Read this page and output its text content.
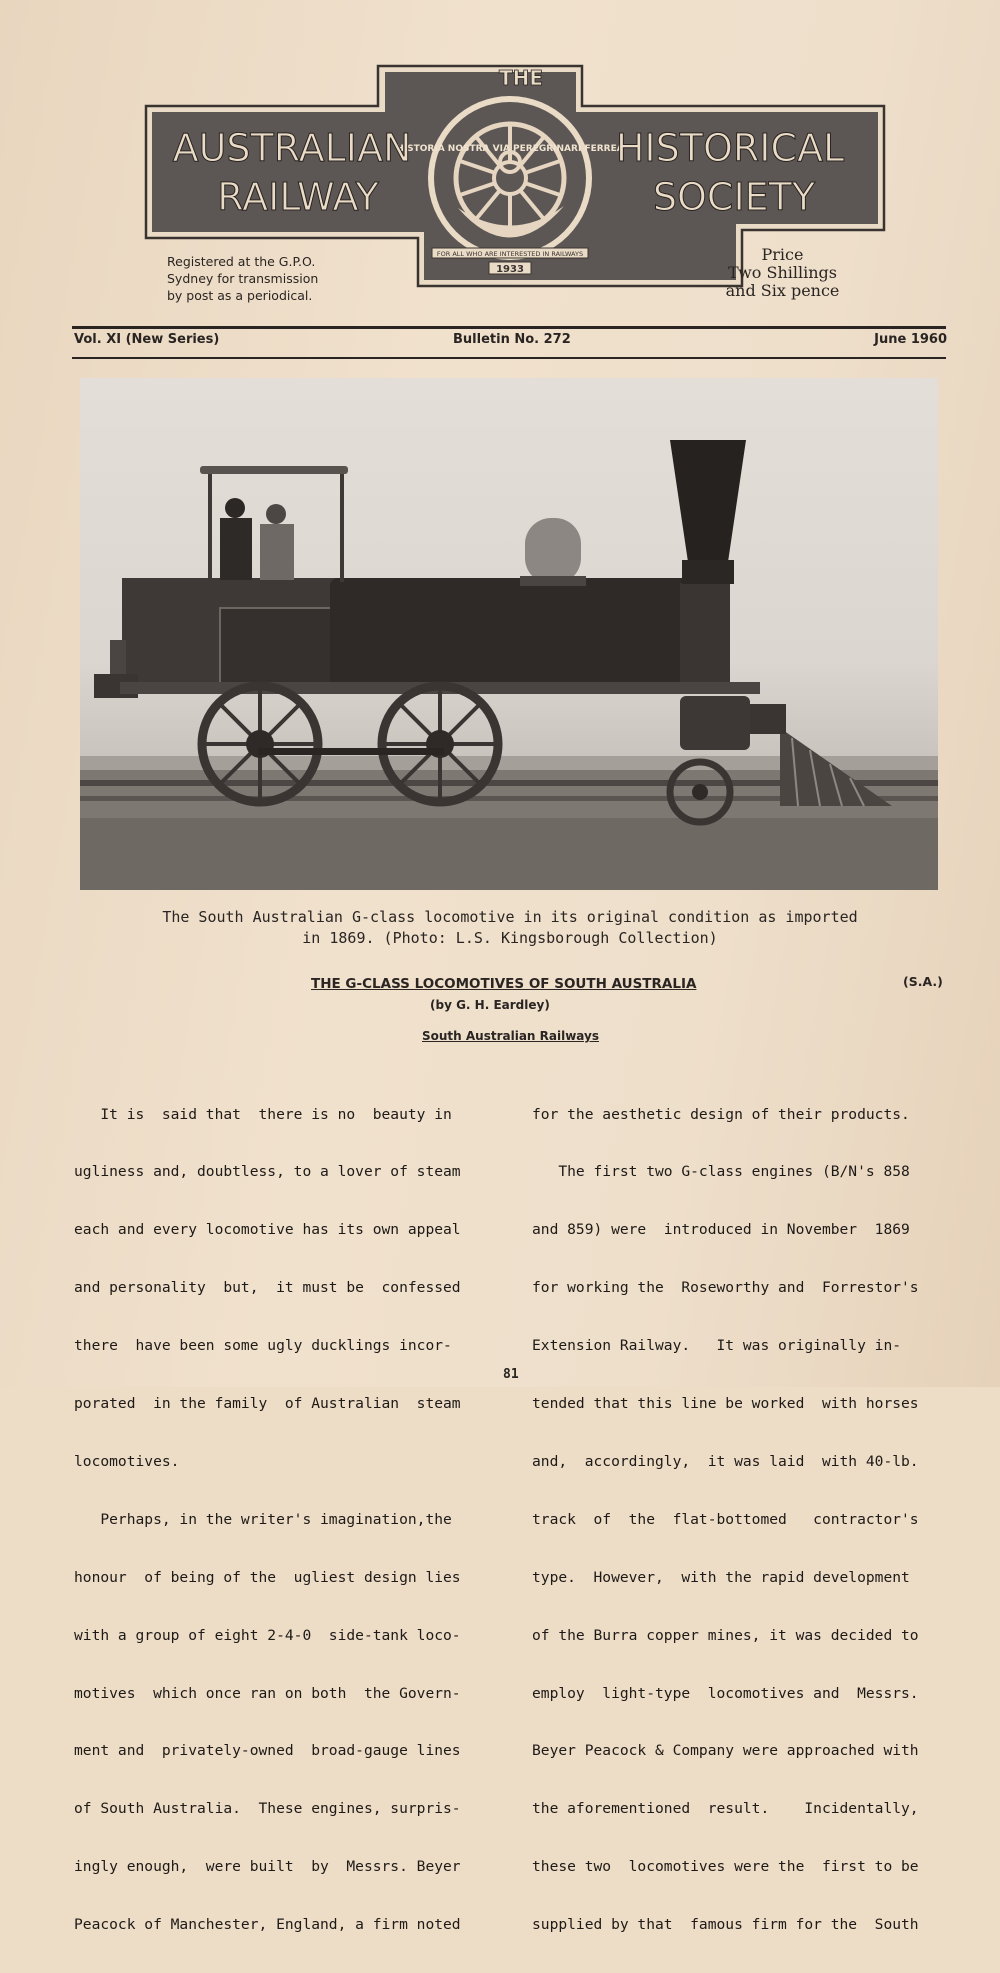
HISTORIA NOSTRA VIA PEREGRINARI FERREA
FOR ALL WHO ARE INTERESTED IN RAILWAYS
1933
THE
AUSTRALIAN
RAILWAY
HISTORICAL
SOCIETY
Registered at the G.P.O.
Sydney for transmission
by post as a periodical.
Price
Two Shillings
and Six pence
Vol. XI (New Series)	Bulletin No. 272	June 1960
The South Australian G-class locomotive in its original condition as imported
in 1869. (Photo: L.S. Kingsborough Collection)
THE G-CLASS LOCOMOTIVES OF SOUTH AUSTRALIA	(S.A.)
(by G. H. Eardley)
South Australian Railways

It is  said that  there is no  beauty in

ugliness and, doubtless, to a lover of steam

each and every locomotive has its own appeal

and personality  but,  it must be  confessed

there  have been some ugly ducklings incor-

porated  in the family  of Australian  steam

locomotives.

Perhaps, in the writer's imagination,the

honour  of being of the  ugliest design lies

with a group of eight 2-4-0  side-tank loco-

motives  which once ran on both  the Govern-

ment and  privately-owned  broad-gauge lines

of South Australia.  These engines, surpris-

ingly enough,  were built  by  Messrs. Beyer

Peacock of Manchester, England, a firm noted

for the aesthetic design of their products.

The first two G-class engines (B/N's 858

and 859) were  introduced in November  1869

for working the  Roseworthy and  Forrestor's

Extension Railway.   It was originally in-

tended that this line be worked  with horses

and,  accordingly,  it was laid  with 40-lb.

track  of  the  flat-bottomed   contractor's

type.  However,  with the rapid development

of the Burra copper mines, it was decided to

employ  light-type  locomotives and  Messrs.

Beyer Peacock & Company were approached with

the aforementioned  result.    Incidentally,

these two  locomotives were the  first to be

supplied by that  famous firm for the  South

81
